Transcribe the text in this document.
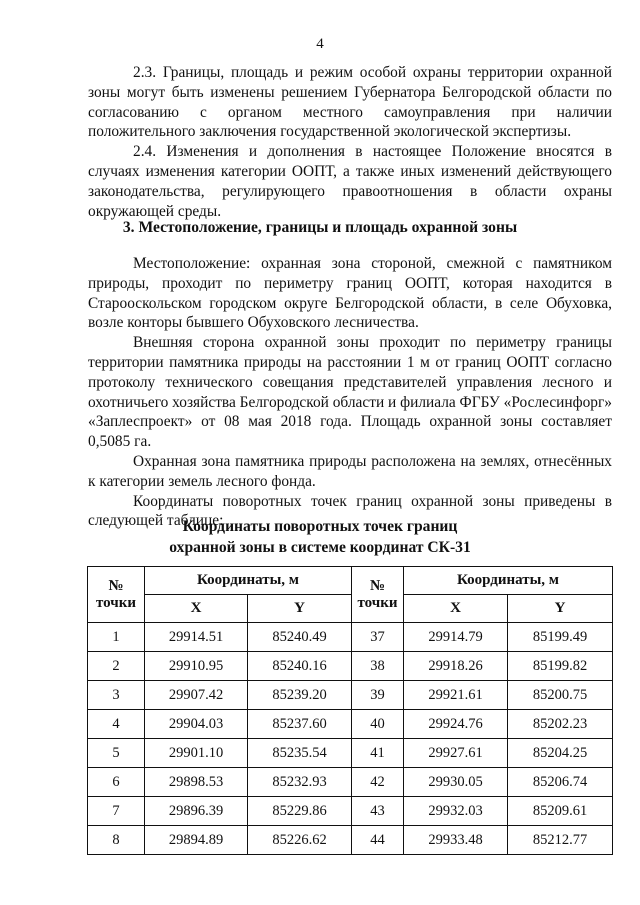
4

2.3. Границы, площадь и режим особой охраны территории охранной зоны могут быть изменены решением Губернатора Белгородской области по согласованию с органом местного самоуправления при наличии положительного заключения государственной экологической экспертизы.

2.4. Изменения и дополнения в настоящее Положение вносятся в случаях изменения категории ООПТ, а также иных изменений действующего законодательства, регулирующего правоотношения в области охраны окружающей среды.

3. Местоположение, границы и площадь охранной зоны

Местоположение: охранная зона стороной, смежной с памятником природы, проходит по периметру границ ООПТ, которая находится в Старооскольском городском округе Белгородской области, в селе Обуховка, возле конторы бывшего Обуховского лесничества.

Внешняя сторона охранной зоны проходит по периметру границы территории памятника природы на расстоянии 1 м от границ ООПТ согласно протоколу технического совещания представителей управления лесного и охотничьего хозяйства Белгородской области и филиала ФГБУ «Рослесинфорг» «Заплеспроект» от 08 мая 2018 года. Площадь охранной зоны составляет 0,5085 га.

Охранная зона памятника природы расположена на землях, отнесённых к категории земель лесного фонда.

Координаты поворотных точек границ охранной зоны приведены в следующей таблице:

Координаты поворотных точек границ
охранной зоны в системе координат СК-31
№ точки	Координаты, м		№ точки	Координаты, м	
	X	Y		X	Y
1	29914.51	85240.49	37	29914.79	85199.49
2	29910.95	85240.16	38	29918.26	85199.82
3	29907.42	85239.20	39	29921.61	85200.75
4	29904.03	85237.60	40	29924.76	85202.23
5	29901.10	85235.54	41	29927.61	85204.25
6	29898.53	85232.93	42	29930.05	85206.74
7	29896.39	85229.86	43	29932.03	85209.61
8	29894.89	85226.62	44	29933.48	85212.77
